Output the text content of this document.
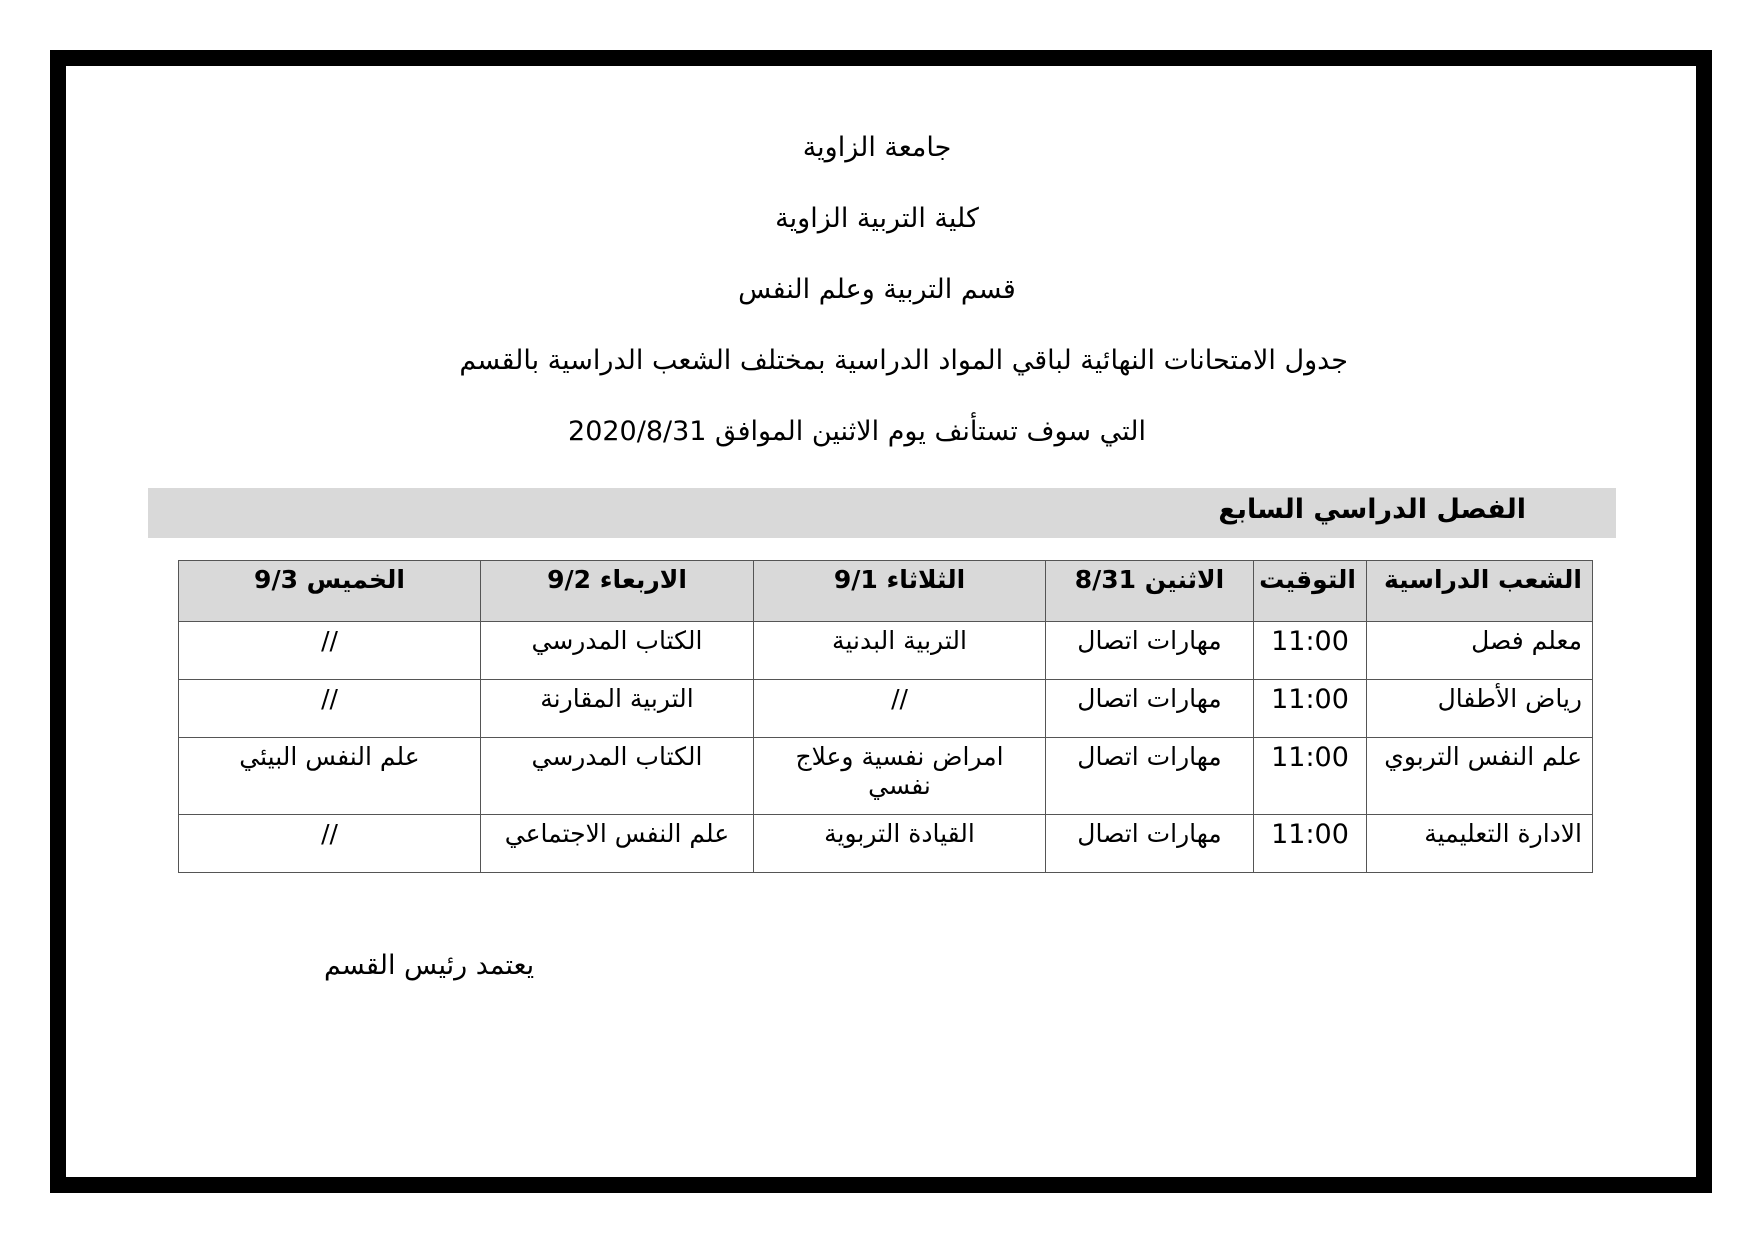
جامعة الزاوية
كلية التربية الزاوية
قسم التربية وعلم النفس
جدول الامتحانات النهائية لباقي المواد الدراسية بمختلف الشعب الدراسية بالقسم
التي سوف تستأنف يوم الاثنين الموافق 2020/8/31
الفصل الدراسي السابع
الشعب الدراسية	التوقيت	الاثنين 8/31	الثلاثاء 9/1	الاربعاء 9/2	الخميس 9/3
معلم فصل	11:00	مهارات اتصال	التربية البدنية	الكتاب المدرسي	//
رياض الأطفال	11:00	مهارات اتصال	//	التربية المقارنة	//
علم النفس التربوي	11:00	مهارات اتصال	امراض نفسية وعلاج نفسي	الكتاب المدرسي	علم النفس البيئي
الادارة التعليمية	11:00	مهارات اتصال	القيادة التربوية	علم النفس الاجتماعي	//
يعتمد رئيس القسم
